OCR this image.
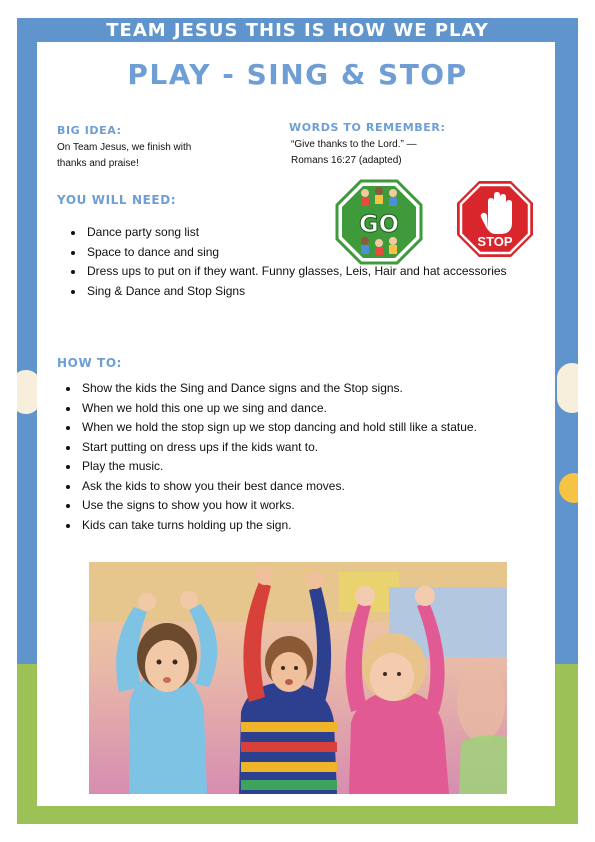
TEAM JESUS THIS IS HOW WE PLAY
PLAY - SING & STOP
BIG IDEA:
On Team Jesus, we finish with
thanks and praise!
WORDS TO REMEMBER:
“Give thanks to the Lord.” —
Romans 16:27 (adapted)
YOU WILL NEED:
• Dance party song list
• Space to dance and sing
• Dress ups to put on if they want. Funny glasses, Leis, Hair and hat accessories
• Sing & Dance and Stop Signs
GO
STOP
HOW TO:
• Show the kids the Sing and Dance signs and the Stop signs.
• When we hold this one up we sing and dance.
• When we hold the stop sign up we stop dancing and hold still like a statue.
• Start putting on dress ups if the kids want to.
• Play the music.
• Ask the kids to show you their best dance moves.
• Use the signs to show you how it works.
• Kids can take turns holding up the sign.
